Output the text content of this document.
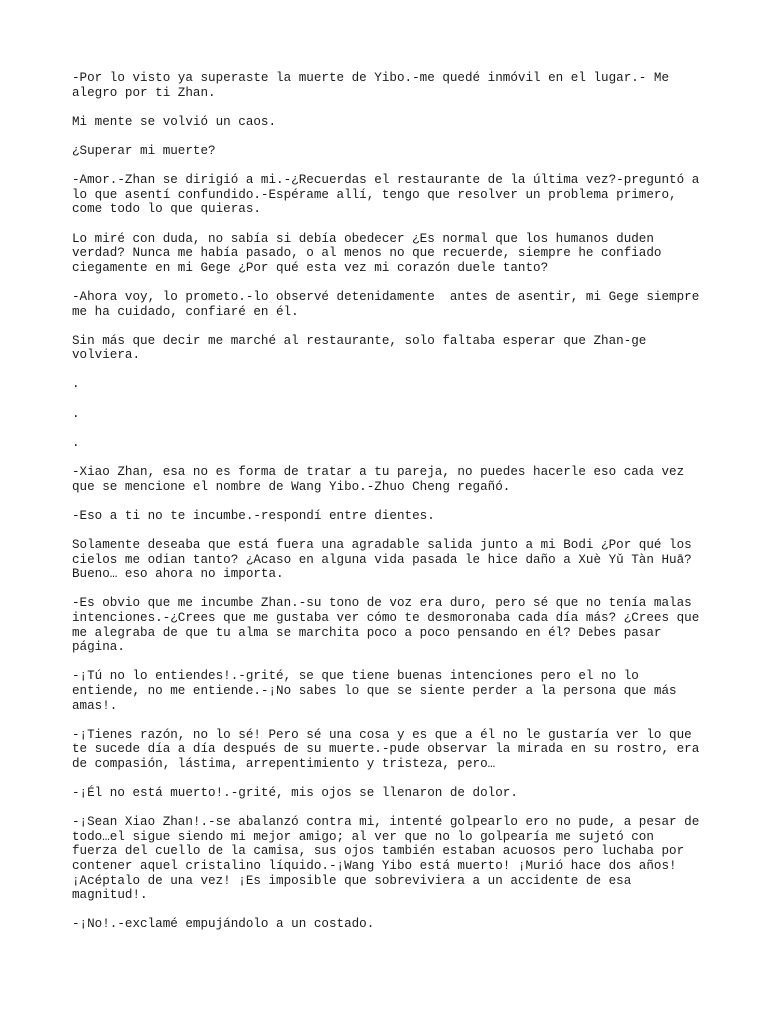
-Por lo visto ya superaste la muerte de Yibo.-me quedé inmóvil en el lugar.- Me
alegro por ti Zhan.

Mi mente se volvió un caos.

¿Superar mi muerte?

-Amor.-Zhan se dirigió a mi.-¿Recuerdas el restaurante de la última vez?-preguntó a
lo que asentí confundido.-Espérame allí, tengo que resolver un problema primero,
come todo lo que quieras.

Lo miré con duda, no sabía si debía obedecer ¿Es normal que los humanos duden
verdad? Nunca me había pasado, o al menos no que recuerde, siempre he confiado
ciegamente en mi Gege ¿Por qué esta vez mi corazón duele tanto?

-Ahora voy, lo prometo.-lo observé detenidamente  antes de asentir, mi Gege siempre
me ha cuidado, confiaré en él.

Sin más que decir me marché al restaurante, solo faltaba esperar que Zhan-ge
volviera.

.

.

.

-Xiao Zhan, esa no es forma de tratar a tu pareja, no puedes hacerle eso cada vez
que se mencione el nombre de Wang Yibo.-Zhuo Cheng regañó.

-Eso a ti no te incumbe.-respondí entre dientes.

Solamente deseaba que está fuera una agradable salida junto a mi Bodi ¿Por qué los
cielos me odian tanto? ¿Acaso en alguna vida pasada le hice daño a Xuè Yǔ Tàn Huā?
Bueno… eso ahora no importa.

-Es obvio que me incumbe Zhan.-su tono de voz era duro, pero sé que no tenía malas
intenciones.-¿Crees que me gustaba ver cómo te desmoronaba cada día más? ¿Crees que
me alegraba de que tu alma se marchita poco a poco pensando en él? Debes pasar
página.

-¡Tú no lo entiendes!.-grité, se que tiene buenas intenciones pero el no lo
entiende, no me entiende.-¡No sabes lo que se siente perder a la persona que más
amas!.

-¡Tienes razón, no lo sé! Pero sé una cosa y es que a él no le gustaría ver lo que
te sucede día a día después de su muerte.-pude observar la mirada en su rostro, era
de compasión, lástima, arrepentimiento y tristeza, pero…

-¡Él no está muerto!.-grité, mis ojos se llenaron de dolor.

-¡Sean Xiao Zhan!.-se abalanzó contra mi, intenté golpearlo ero no pude, a pesar de
todo…el sigue siendo mi mejor amigo; al ver que no lo golpearía me sujetó con
fuerza del cuello de la camisa, sus ojos también estaban acuosos pero luchaba por
contener aquel cristalino líquido.-¡Wang Yibo está muerto! ¡Murió hace dos años!
¡Acéptalo de una vez! ¡Es imposible que sobreviviera a un accidente de esa
magnitud!.

-¡No!.-exclamé empujándolo a un costado.
